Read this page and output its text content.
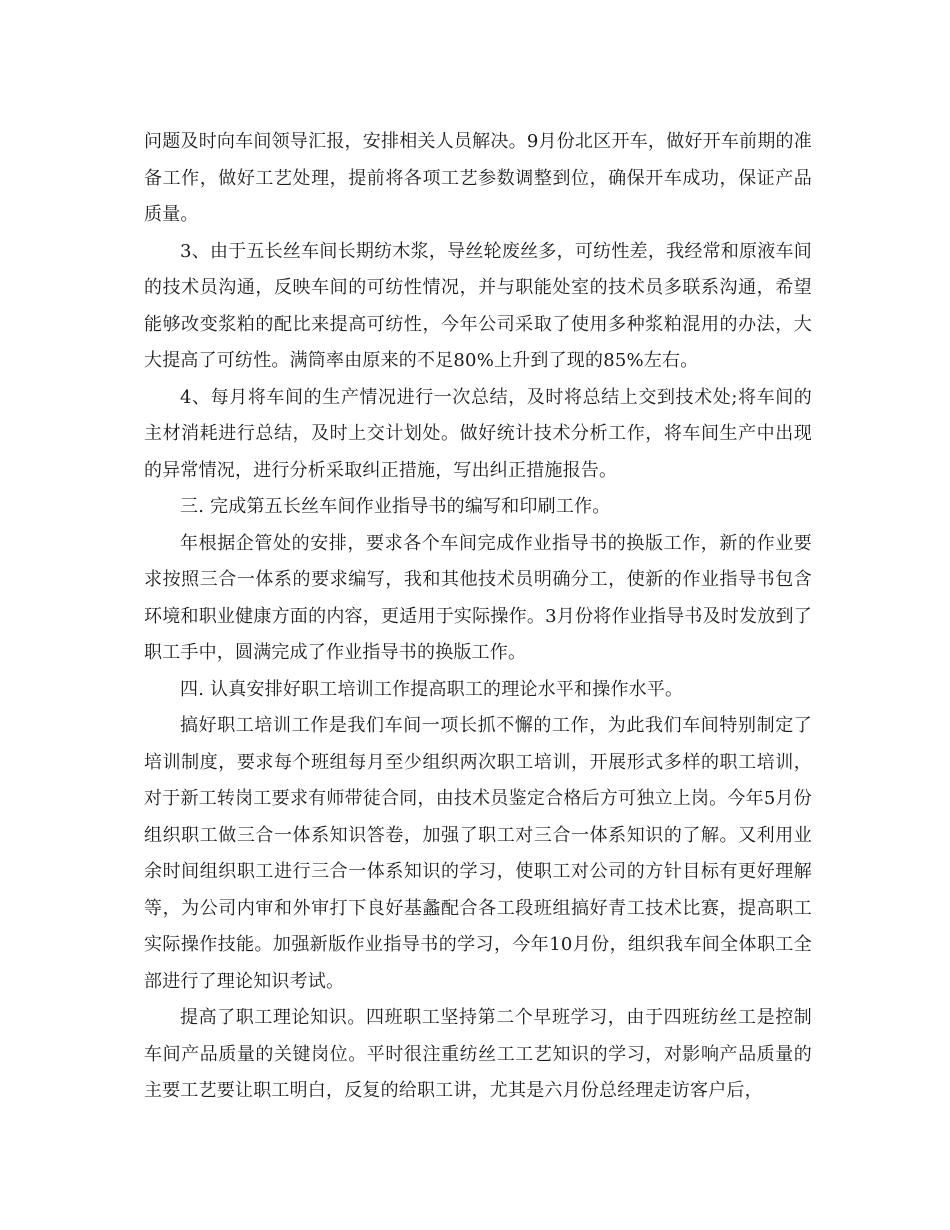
问题及时向车间领导汇报，安排相关人员解决。9月份北区开车，做好开车前期的准备工作，做好工艺处理，提前将各项工艺参数调整到位，确保开车成功，保证产品质量。

3、由于五长丝车间长期纺木浆，导丝轮废丝多，可纺性差，我经常和原液车间的技术员沟通，反映车间的可纺性情况，并与职能处室的技术员多联系沟通，希望能够改变浆粕的配比来提高可纺性，今年公司采取了使用多种浆粕混用的办法，大大提高了可纺性。满筒率由原来的不足80%上升到了现的85%左右。

4、每月将车间的生产情况进行一次总结，及时将总结上交到技术处;将车间的主材消耗进行总结，及时上交计划处。做好统计技术分析工作，将车间生产中出现的异常情况，进行分析采取纠正措施，写出纠正措施报告。

三. 完成第五长丝车间作业指导书的编写和印刷工作。

年根据企管处的安排，要求各个车间完成作业指导书的换版工作，新的作业要求按照三合一体系的要求编写，我和其他技术员明确分工，使新的作业指导书包含环境和职业健康方面的内容，更适用于实际操作。3月份将作业指导书及时发放到了职工手中，圆满完成了作业指导书的换版工作。

四. 认真安排好职工培训工作提高职工的理论水平和操作水平。

搞好职工培训工作是我们车间一项长抓不懈的工作，为此我们车间特别制定了培训制度，要求每个班组每月至少组织两次职工培训，开展形式多样的职工培训，对于新工转岗工要求有师带徒合同，由技术员鉴定合格后方可独立上岗。今年5月份组织职工做三合一体系知识答卷，加强了职工对三合一体系知识的了解。又利用业余时间组织职工进行三合一体系知识的学习，使职工对公司的方针目标有更好理解等，为公司内审和外审打下良好基蠡配合各工段班组搞好青工技术比赛，提高职工实际操作技能。加强新版作业指导书的学习，今年10月份，组织我车间全体职工全部进行了理论知识考试。

提高了职工理论知识。四班职工坚持第二个早班学习，由于四班纺丝工是控制车间产品质量的关键岗位。平时很注重纺丝工工艺知识的学习，对影响产品质量的主要工艺要让职工明白，反复的给职工讲，尤其是六月份总经理走访客户后，
